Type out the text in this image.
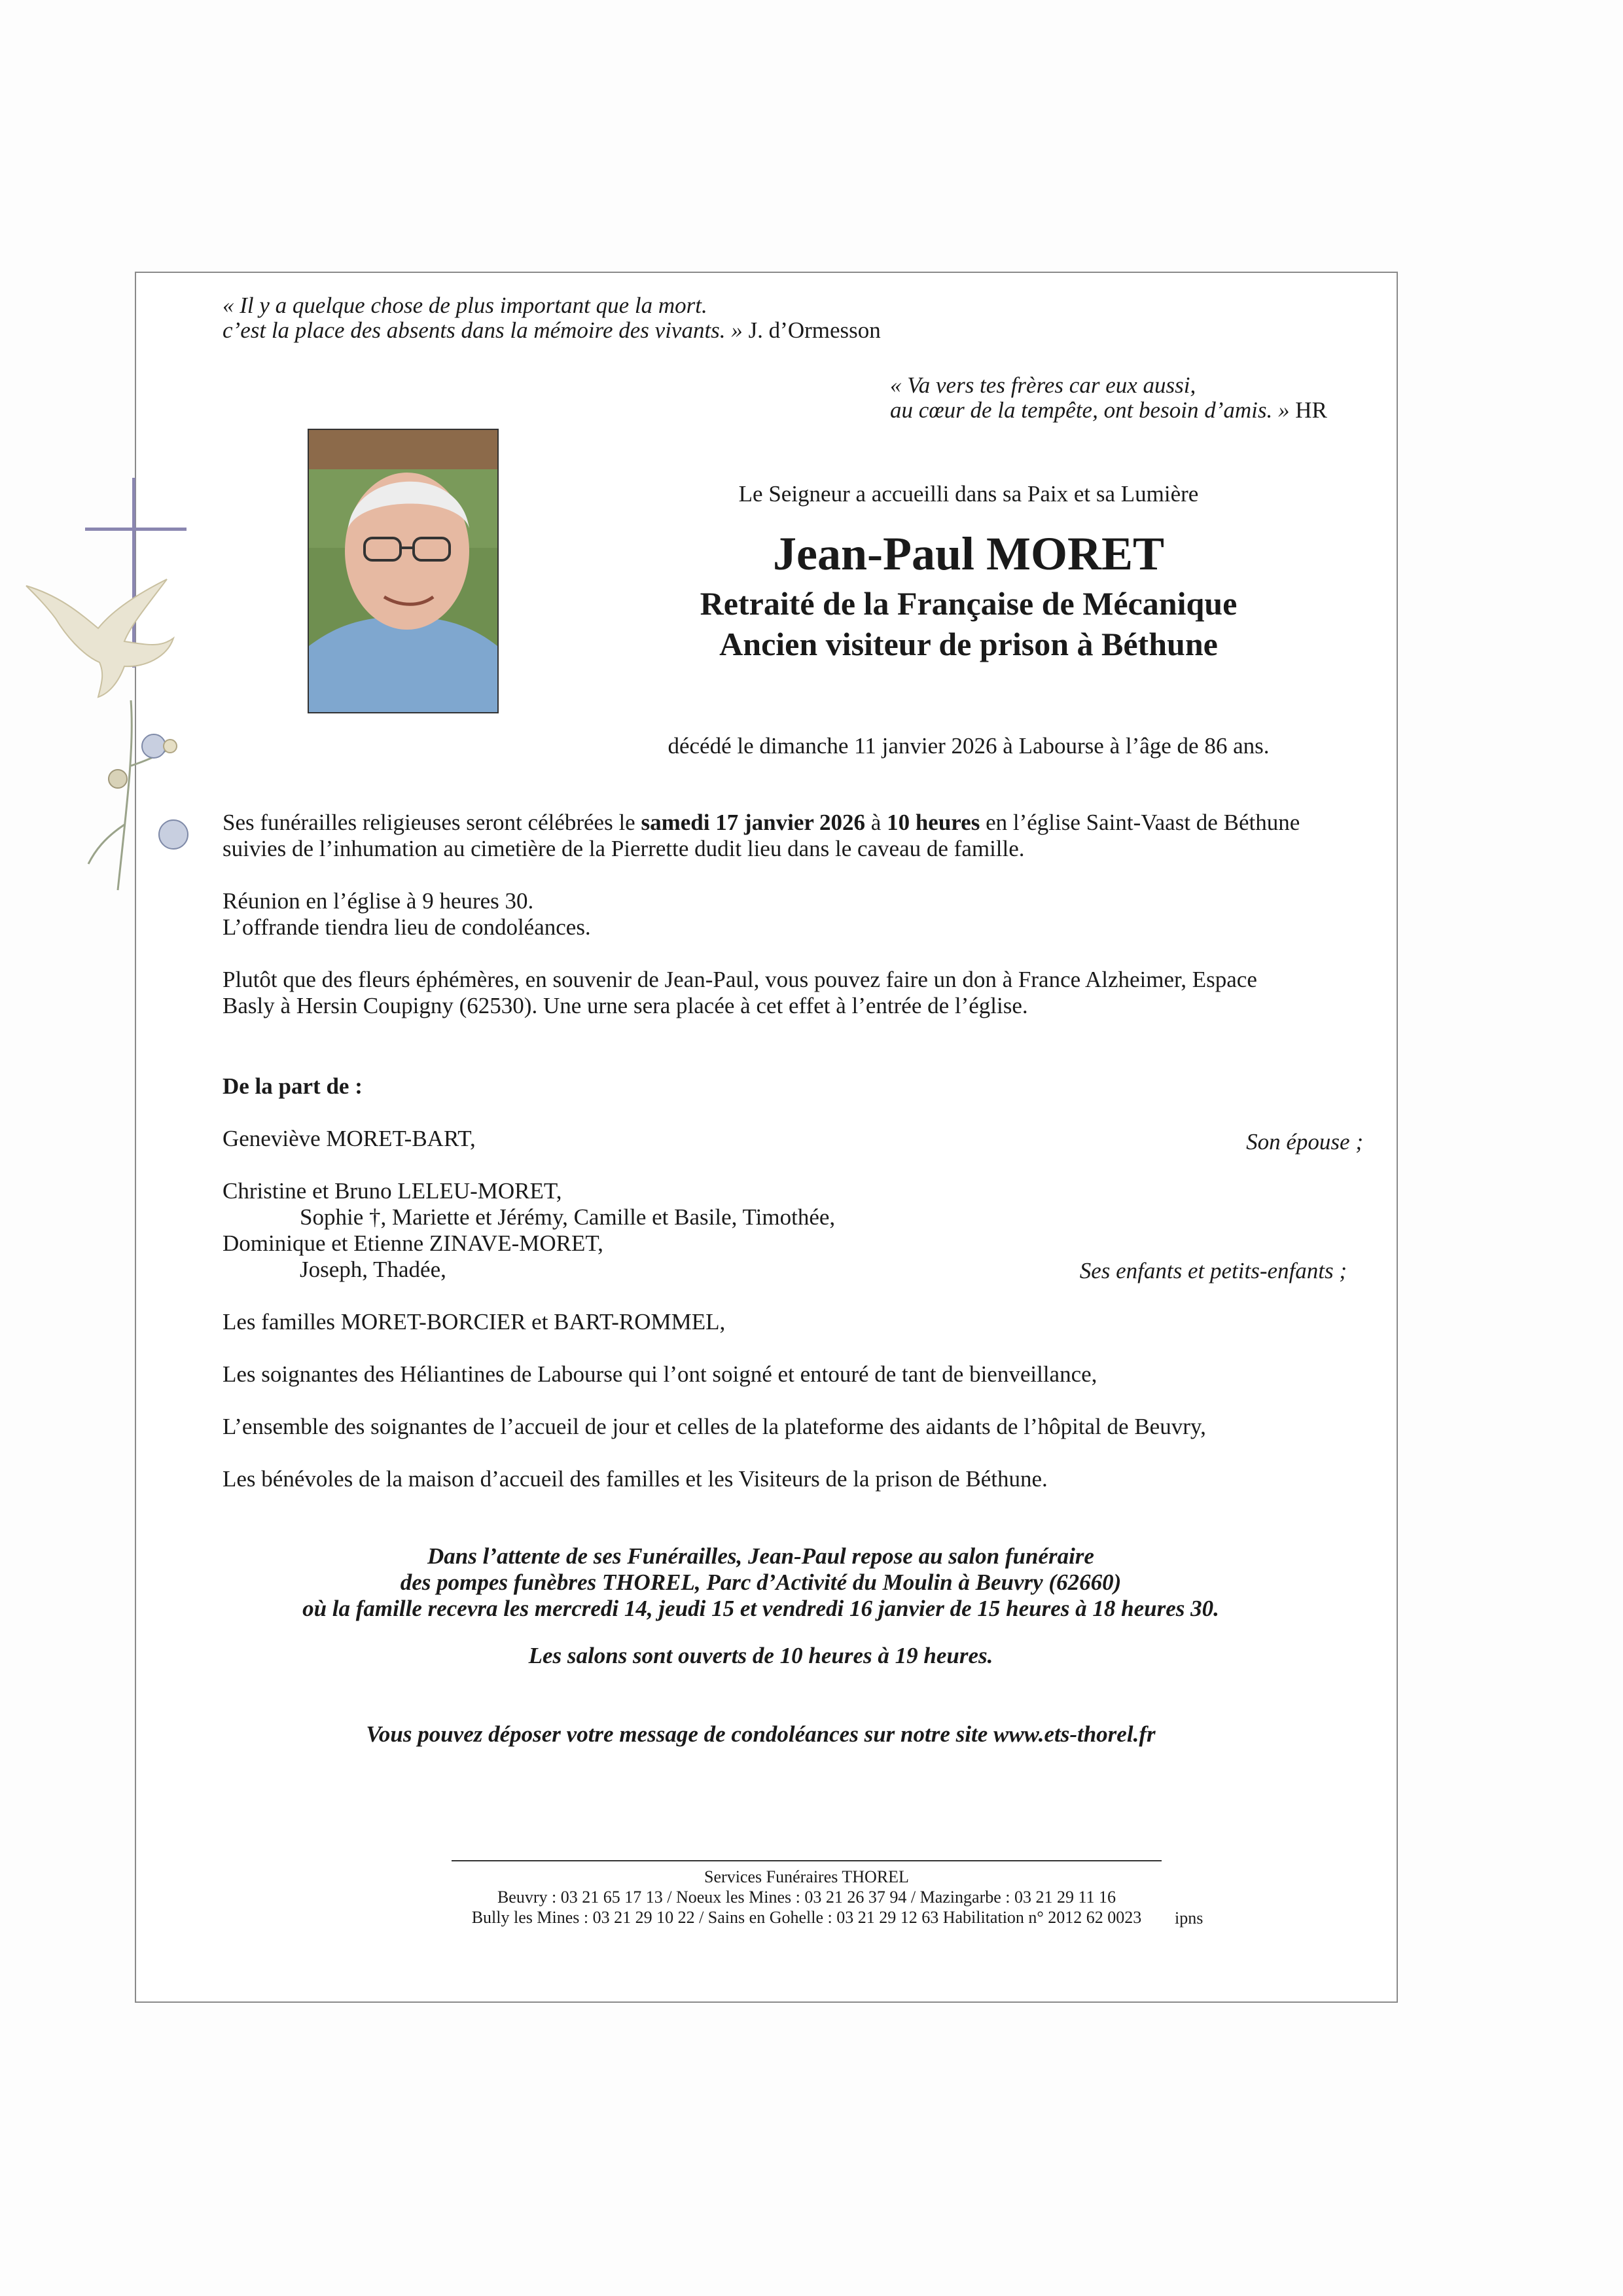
« Il y a quelque chose de plus important que la mort.
c’est la place des absents dans la mémoire des vivants. » J. d’Ormesson
« Va vers tes frères car eux aussi,
au cœur de la tempête, ont besoin d’amis. » HR
Le Seigneur a accueilli dans sa Paix et sa Lumière
Jean-Paul MORET
Retraité de la Française de Mécanique
Ancien visiteur de prison à Béthune
décédé le dimanche 11 janvier 2026 à Labourse à l’âge de 86 ans.
Ses funérailles religieuses seront célébrées le samedi 17 janvier 2026 à 10 heures en l’église Saint-Vaast de Béthune
suivies de l’inhumation au cimetière de la Pierrette dudit lieu dans le caveau de famille.
Réunion en l’église à 9 heures 30.
L’offrande tiendra lieu de condoléances.
Plutôt que des fleurs éphémères, en souvenir de Jean-Paul, vous pouvez faire un don à France Alzheimer, Espace
Basly à Hersin Coupigny (62530). Une urne sera placée à cet effet à l’entrée de l’église.
De la part de :
Geneviève MORET-BART,	Son épouse ;
Christine et Bruno LELEU-MORET,
Sophie †, Mariette et Jérémy, Camille et Basile, Timothée,
Dominique et Etienne ZINAVE-MORET,
Joseph, Thadée,	Ses enfants et petits-enfants ;
Les familles MORET-BORCIER et BART-ROMMEL,
Les soignantes des Héliantines de Labourse qui l’ont soigné et entouré de tant de bienveillance,
L’ensemble des soignantes de l’accueil de jour et celles de la plateforme des aidants de l’hôpital de Beuvry,
Les bénévoles de la maison d’accueil des familles et les Visiteurs de la prison de Béthune.
Dans l’attente de ses Funérailles, Jean-Paul repose au salon funéraire
des pompes funèbres THOREL, Parc d’Activité du Moulin à Beuvry (62660)
où la famille recevra les mercredi 14, jeudi 15 et vendredi 16 janvier de 15 heures à 18 heures 30.
Les salons sont ouverts de 10 heures à 19 heures.
Vous pouvez déposer votre message de condoléances sur notre site www.ets-thorel.fr
Services Funéraires THOREL
Beuvry : 03 21 65 17 13 / Noeux les Mines : 03 21 26 37 94 / Mazingarbe : 03 21 29 11 16
Bully les Mines : 03 21 29 10 22 / Sains en Gohelle : 03 21 29 12 63 Habilitation n° 2012 62 0023	ipns
